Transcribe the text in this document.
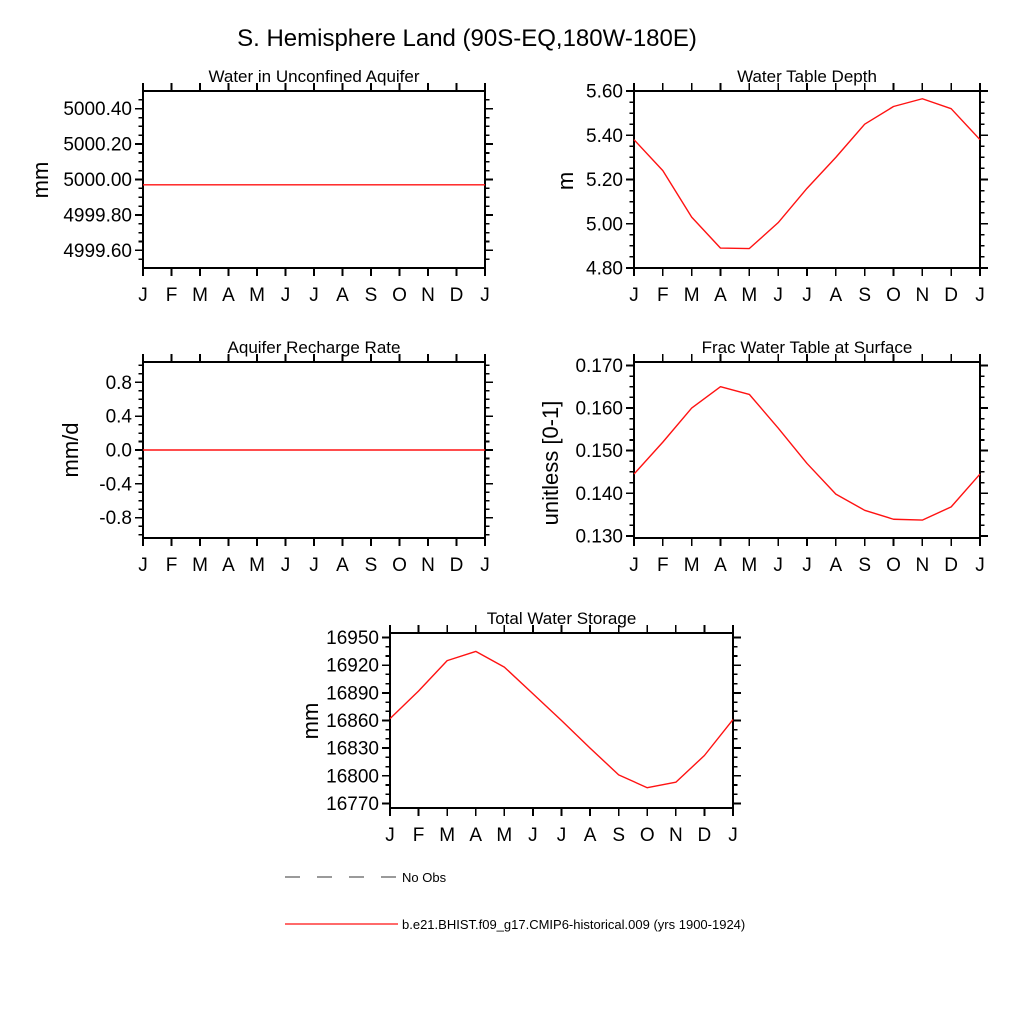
S. Hemisphere Land (90S-EQ,180W-180E)
Water in Unconfined Aquifer
mm
J F M A M J J A S O N D J
5000.40
5000.20
5000.00
4999.80
4999.60
Water Table Depth
m
J F M A M J J A S O N D J
5.60
5.40
5.20
5.00
4.80
Aquifer Recharge Rate
mm/d
J F M A M J J A S O N D J
0.8
0.4
0.0
-0.4
-0.8
Frac Water Table at Surface
unitless [0-1]
J F M A M J J A S O N D J
0.170
0.160
0.150
0.140
0.130
Total Water Storage
mm
J F M A M J J A S O N D J
16950
16920
16890
16860
16830
16800
16770
No Obs
b.e21.BHIST.f09_g17.CMIP6-historical.009 (yrs 1900-1924)
